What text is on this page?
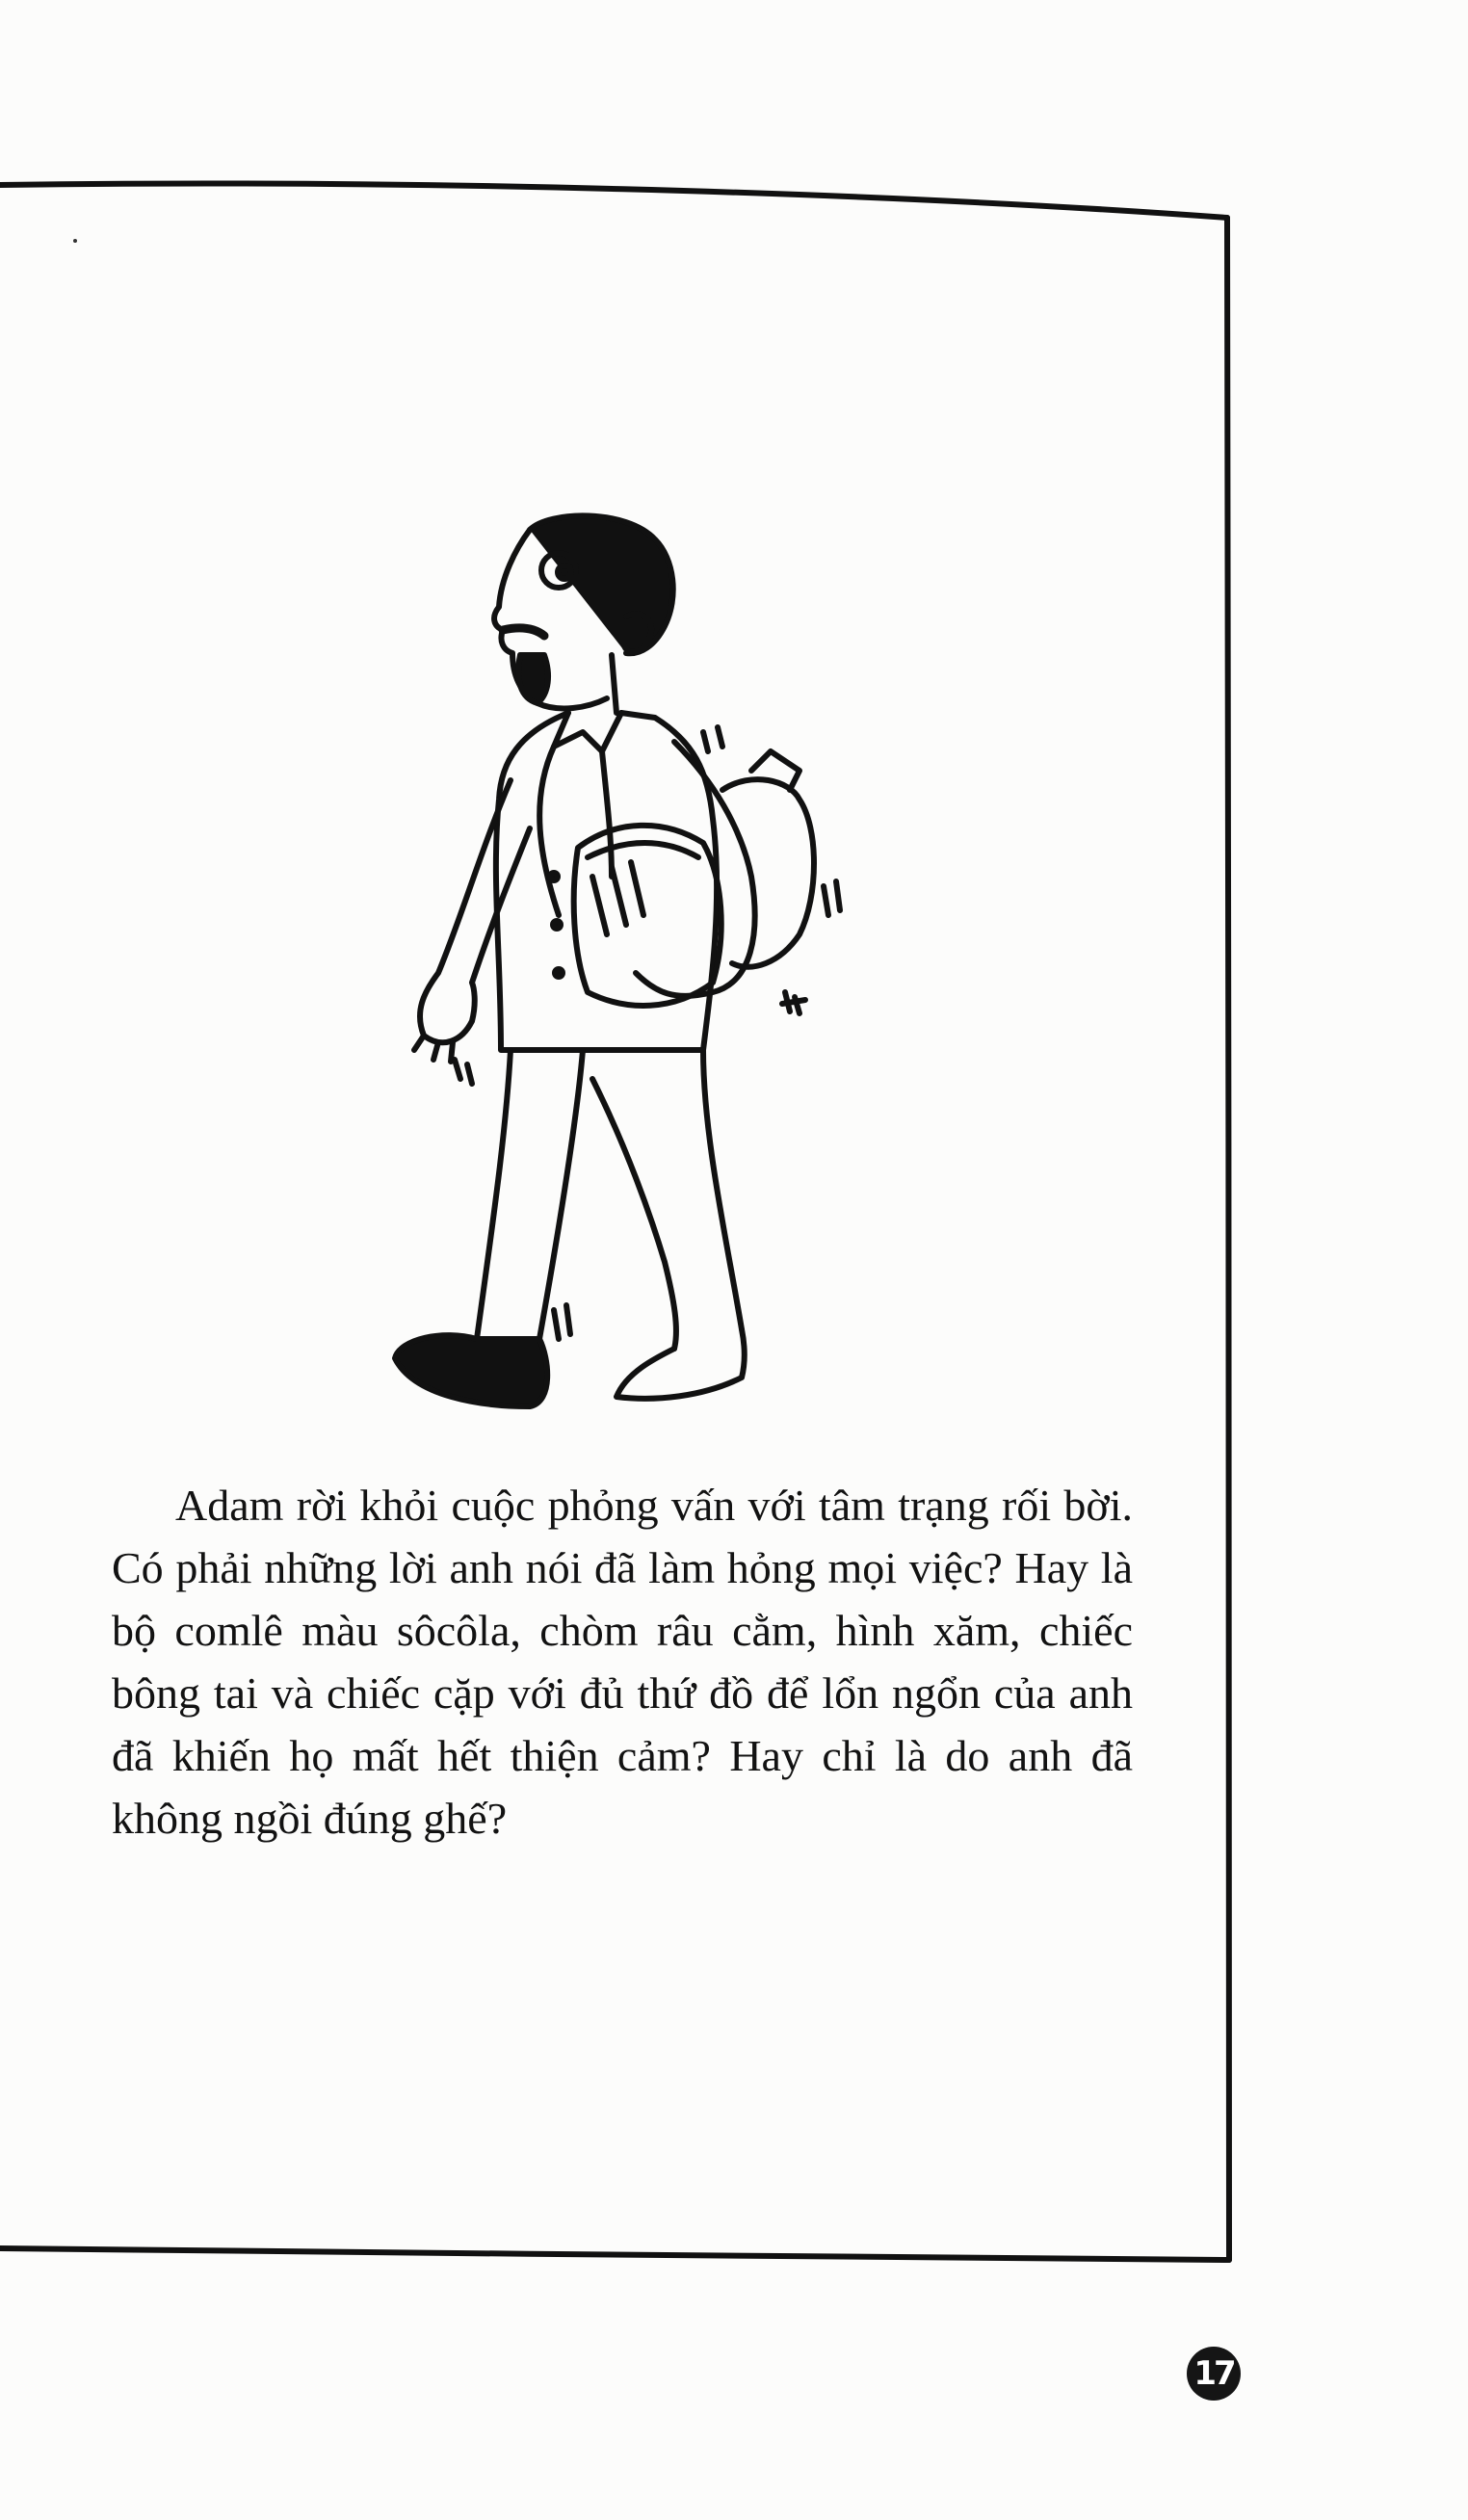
Adam rời khỏi cuộc phỏng vấn với tâm trạng rối bời. Có phải những lời anh nói đã làm hỏng mọi việc? Hay là bộ comlê màu sôcôla, chòm râu cằm, hình xăm, chiếc bông tai và chiếc cặp với đủ thứ đồ để lổn ngổn của anh đã khiến họ mất hết thiện cảm? Hay chỉ là do anh đã không ngồi đúng ghế?

17
